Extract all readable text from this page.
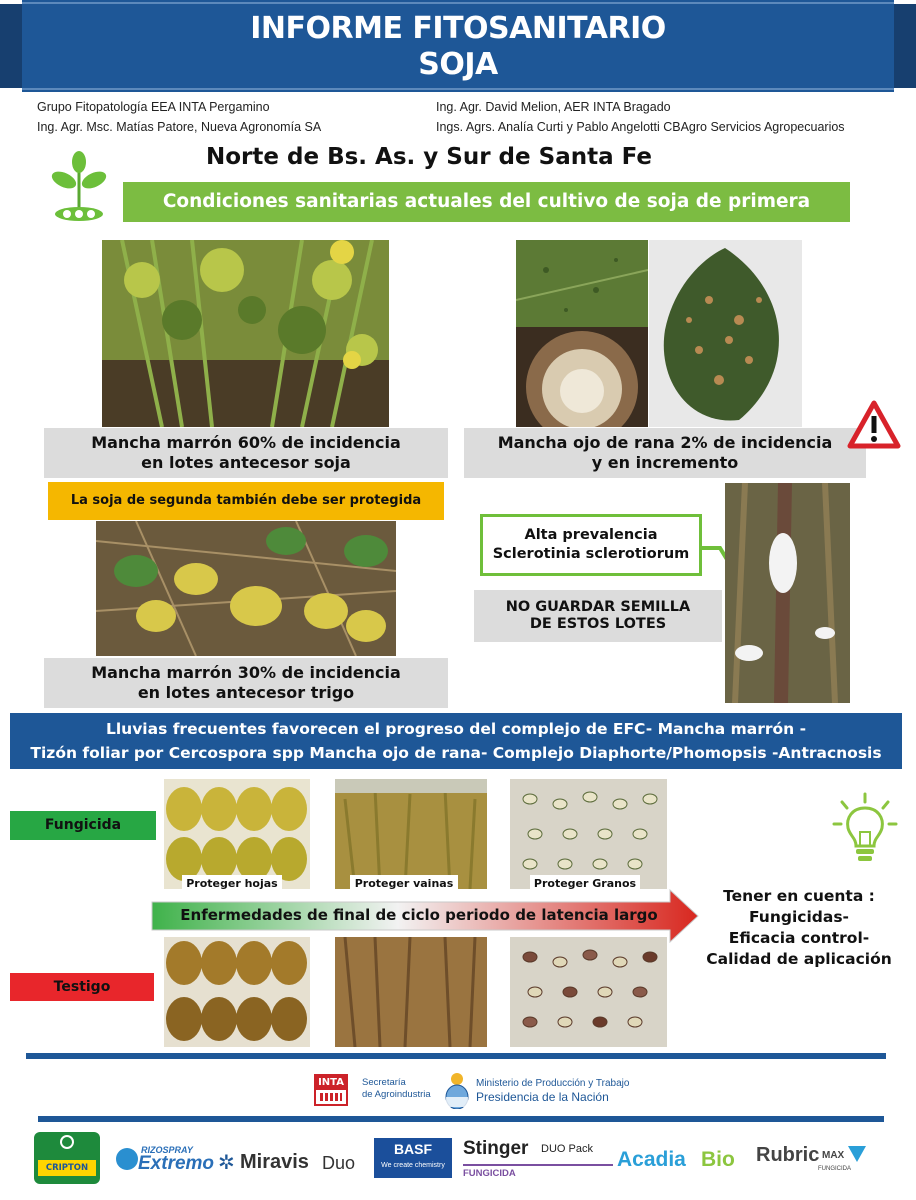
INFORME FITOSANITARIO
SOJA
Grupo Fitopatología EEA INTA Pergamino
Ing. Agr. Msc. Matías Patore, Nueva Agronomía SA
Ing. Agr. David Melion, AER INTA Bragado
Ings. Agrs. Analía Curti y Pablo Angelotti CBAgro Servicios Agropecuarios
Norte de Bs. As. y Sur de Santa Fe
Condiciones sanitarias actuales del cultivo de soja de primera
Mancha marrón 60% de incidencia
en lotes antecesor soja
Mancha ojo de rana 2% de incidencia
y en incremento
La soja de segunda también debe ser protegida
Alta prevalencia
Sclerotinia sclerotiorum
NO GUARDAR SEMILLA
DE ESTOS LOTES
Mancha marrón 30% de incidencia
en lotes antecesor trigo
Lluvias frecuentes favorecen el progreso del complejo de EFC- Mancha marrón -
Tizón foliar por Cercospora spp Mancha ojo de rana- Complejo Diaphorte/Phomopsis -Antracnosis
Fungicida
Testigo
Proteger hojas	Proteger vainas	Proteger Granos
Enfermedades de final de ciclo periodo de latencia largo
Tener en cuenta :
Fungicidas-
Eficacia control-
Calidad de aplicación
INTA Secretaría
de Agroindustria
Ministerio de Producción y Trabajo
Presidencia de la Nación
CRIPTON
RIZOSPRAY
Extremo ✲ Miravis Duo
BASF
We create chemistry
Stinger DUO Pack
FUNGICIDA
Acadia Bio Rubric MAX
FUNGICIDA
